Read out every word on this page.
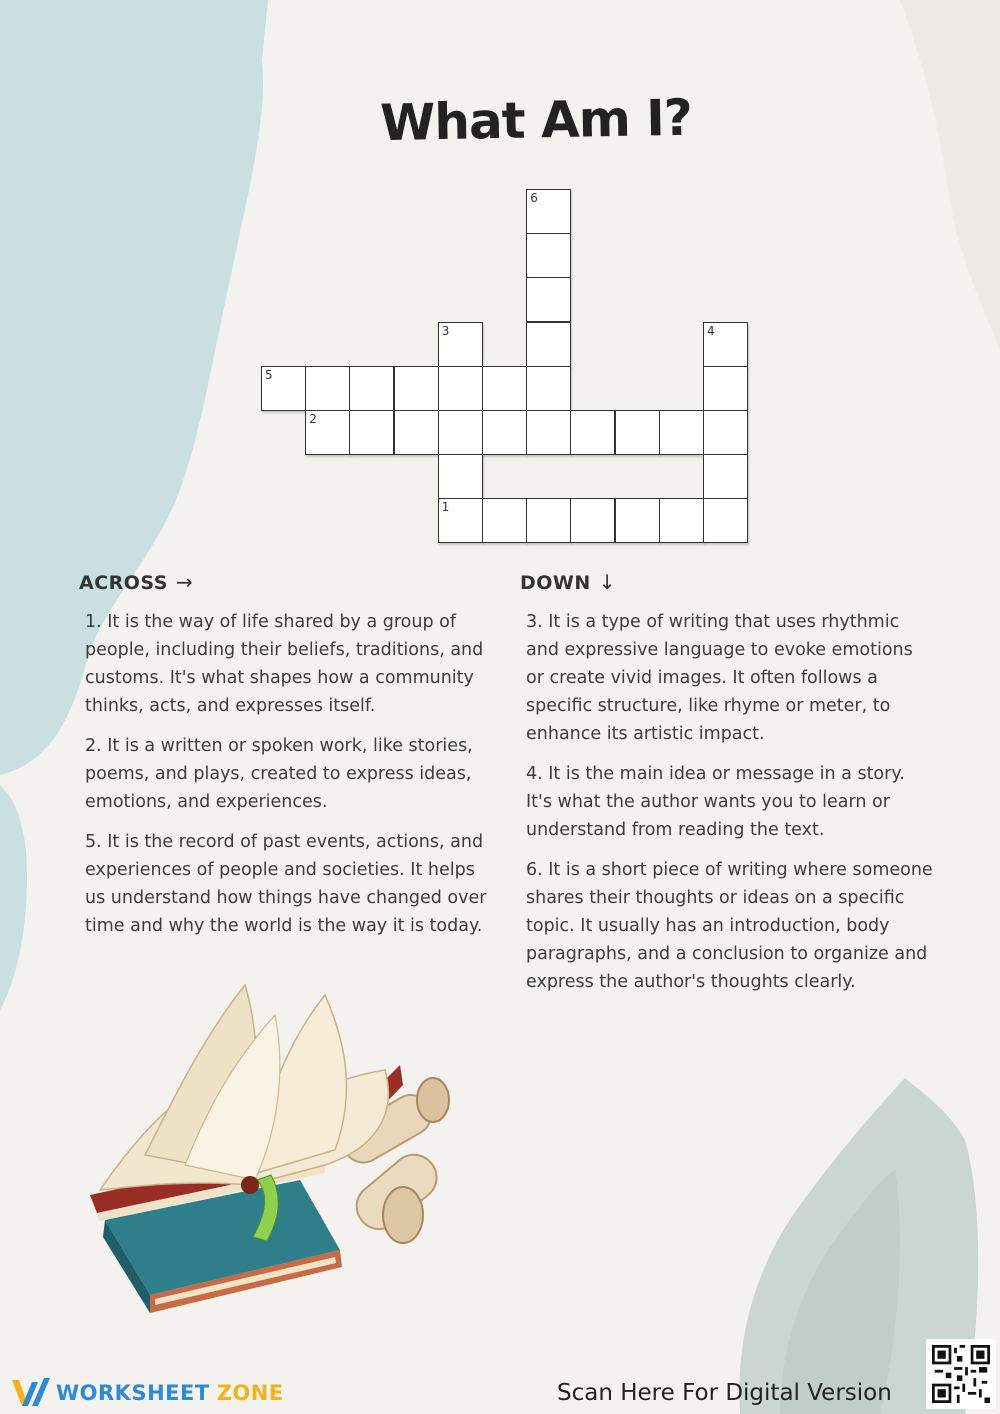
What Am I?
6
3	4
5
2
1
ACROSS →	DOWN ↓

1. It is the way of life shared by a group of people, including their beliefs, traditions, and customs. It's what shapes how a community thinks, acts, and expresses itself.

2. It is a written or spoken work, like stories, poems, and plays, created to express ideas, emotions, and experiences.

5. It is the record of past events, actions, and experiences of people and societies. It helps us understand how things have changed over time and why the world is the way it is today.

3. It is a type of writing that uses rhythmic and expressive language to evoke emotions or create vivid images. It often follows a specific structure, like rhyme or meter, to enhance its artistic impact.

4. It is the main idea or message in a story. It's what the author wants you to learn or understand from reading the text.

6. It is a short piece of writing where someone shares their thoughts or ideas on a specific topic. It usually has an introduction, body paragraphs, and a conclusion to organize and express the author's thoughts clearly.

WORKSHEET ZONE	Scan Here For Digital Version
